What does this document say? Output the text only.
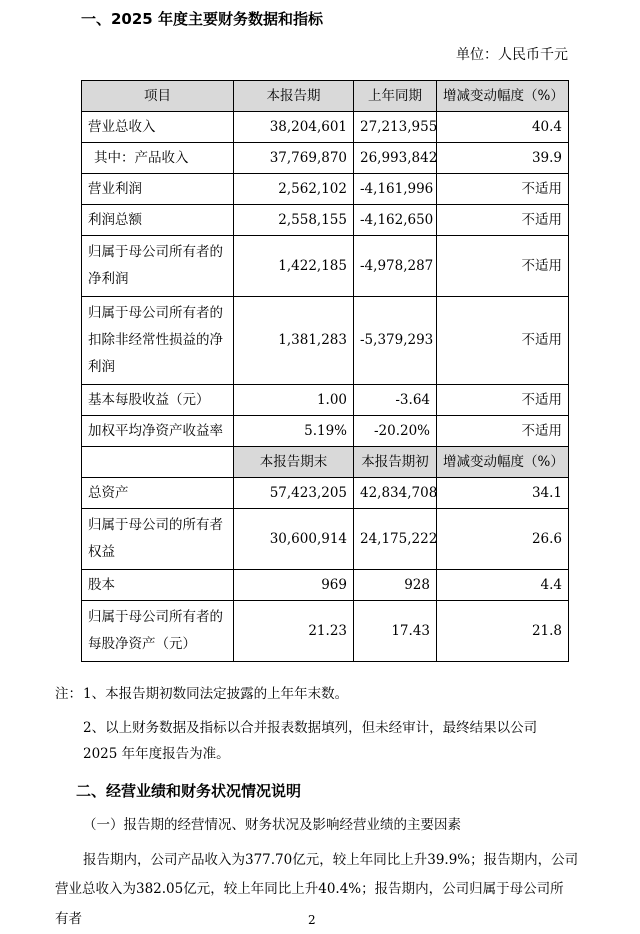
一、2025 年度主要财务数据和指标
单位：人民币千元
项目	本报告期	上年同期	增减变动幅度（%）
营业总收入	38,204,601	27,213,955	40.4
其中：产品收入	37,769,870	26,993,842	39.9
营业利润	2,562,102	-4,161,996	不适用
利润总额	2,558,155	-4,162,650	不适用
归属于母公司所有者的净利润	1,422,185	-4,978,287	不适用
归属于母公司所有者的扣除非经常性损益的净利润	1,381,283	-5,379,293	不适用
基本每股收益（元）	1.00	-3.64	不适用
加权平均净资产收益率	5.19%	-20.20%	不适用
	本报告期末	本报告期初	增减变动幅度（%）
总资产	57,423,205	42,834,708	34.1
归属于母公司的所有者权益	30,600,914	24,175,222	26.6
股本	969	928	4.4
归属于母公司所有者的每股净资产（元）	21.23	17.43	21.8
注： 1、本报告期初数同法定披露的上年年末数。
2、以上财务数据及指标以合并报表数据填列，但未经审计，最终结果以公司
2025 年年度报告为准。
二、经营业绩和财务状况情况说明
（一）报告期的经营情况、财务状况及影响经营业绩的主要因素
报告期内，公司产品收入为377.70亿元，较上年同比上升39.9%；报告期内，公司
营业总收入为382.05亿元，较上年同比上升40.4%；报告期内，公司归属于母公司所有者	2
